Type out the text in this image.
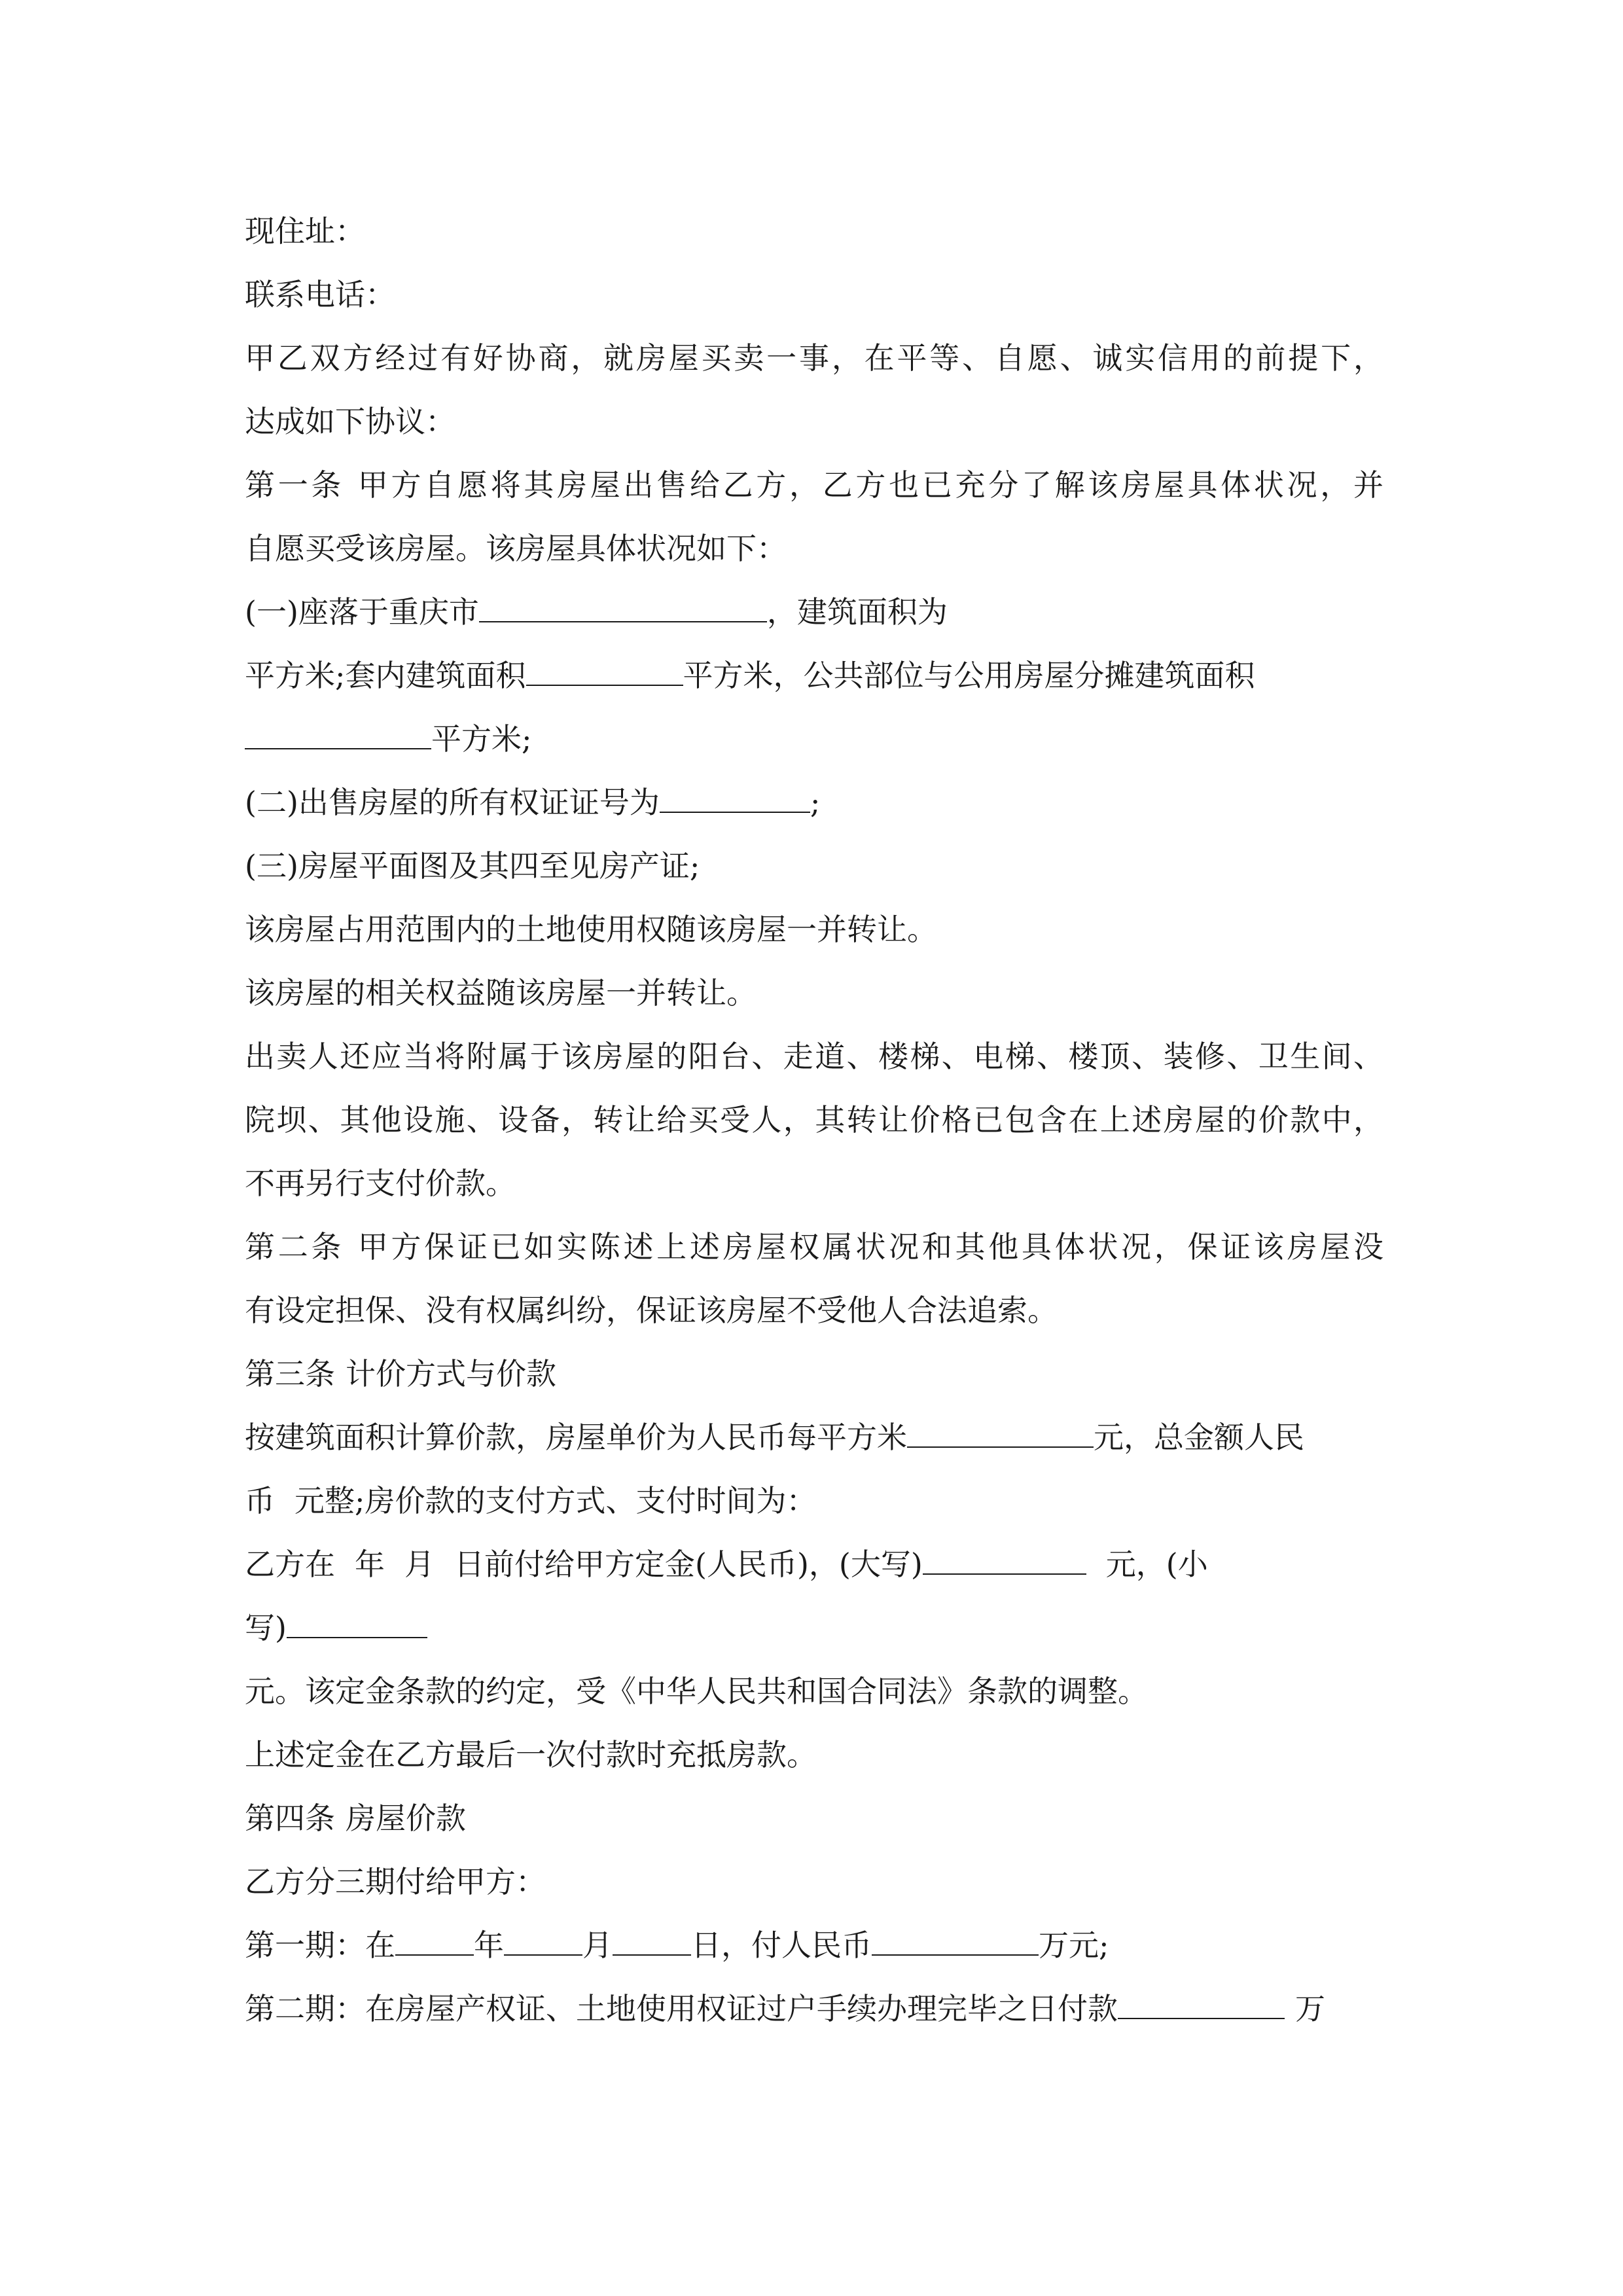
现住址：
联系电话：
甲乙双方经过有好协商，就房屋买卖一事，在平等、自愿、诚实信用的前提下，
达成如下协议：
第一条 甲方自愿将其房屋出售给乙方，乙方也已充分了解该房屋具体状况，并
自愿买受该房屋。该房屋具体状况如下：
(一)座落于重庆市	，建筑面积为
平方米;套内建筑面积	平方米，公共部位与公用房屋分摊建筑面积
平方米;
(二)出售房屋的所有权证证号为	;
(三)房屋平面图及其四至见房产证;
该房屋占用范围内的土地使用权随该房屋一并转让。
该房屋的相关权益随该房屋一并转让。
出卖人还应当将附属于该房屋的阳台、走道、楼梯、电梯、楼顶、装修、卫生间、
院坝、其他设施、设备，转让给买受人，其转让价格已包含在上述房屋的价款中，
不再另行支付价款。
第二条 甲方保证已如实陈述上述房屋权属状况和其他具体状况，保证该房屋没
有设定担保、没有权属纠纷，保证该房屋不受他人合法追索。
第三条 计价方式与价款
按建筑面积计算价款，房屋单价为人民币每平方米	元，总金额人民
币 元整;房价款的支付方式、支付时间为：
乙方在 年 月 日前付给甲方定金(人民币)，(大写)	元，(小
写)
元。该定金条款的约定，受《中华人民共和国合同法》条款的调整。
上述定金在乙方最后一次付款时充抵房款。
第四条 房屋价款
乙方分三期付给甲方：
第一期：在	年	月	日，付人民币	万元;
第二期：在房屋产权证、土地使用权证过户手续办理完毕之日付款	万
